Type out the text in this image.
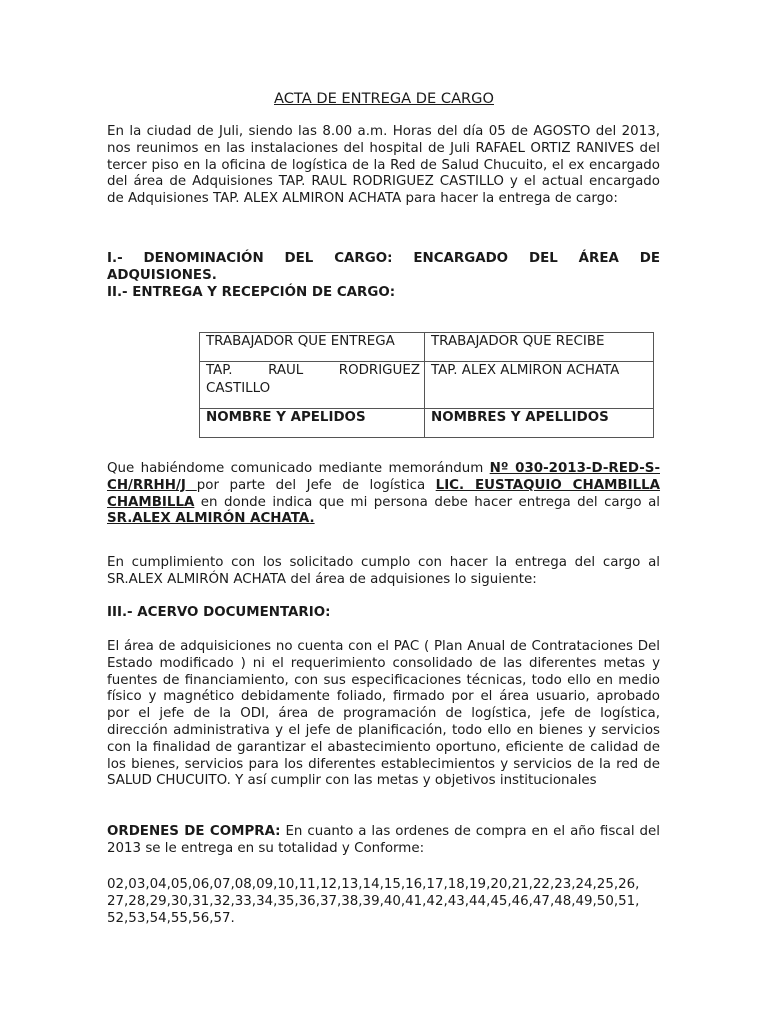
ACTA DE ENTREGA DE CARGO
En la ciudad de Juli, siendo las 8.00 a.m. Horas del día 05 de AGOSTO del 2013, nos reunimos en las instalaciones del hospital de Juli RAFAEL ORTIZ RANIVES del tercer piso en la oficina de logística de la Red de Salud Chucuito, el ex encargado del área de Adquisiones TAP. RAUL RODRIGUEZ CASTILLO y el actual encargado de Adquisiones TAP. ALEX ALMIRON ACHATA para hacer la entrega de cargo:
I.- DENOMINACIÓN DEL CARGO: ENCARGADO DEL ÁREA DE ADQUISIONES.
II.- ENTREGA Y RECEPCIÓN DE CARGO:
TRABAJADOR QUE ENTREGA	TRABAJADOR QUE RECIBE
TAP. RAUL RODRIGUEZ CASTILLO	TAP. ALEX ALMIRON ACHATA
NOMBRE Y APELIDOS	NOMBRES Y APELLIDOS
Que habiéndome comunicado mediante memorándum Nº 030-2013-D-RED-S-CH/RRHH/J por parte del Jefe de logística LIC. EUSTAQUIO CHAMBILLA CHAMBILLA en donde indica que mi persona debe hacer entrega del cargo al SR.ALEX ALMIRÓN ACHATA.
En cumplimiento con los solicitado cumplo con hacer la entrega del cargo al SR.ALEX ALMIRÓN ACHATA del área de adquisiones lo siguiente:
III.- ACERVO DOCUMENTARIO:
El área de adquisiciones no cuenta con el PAC ( Plan Anual de Contrataciones Del Estado modificado ) ni el requerimiento consolidado de las diferentes metas y fuentes de financiamiento, con sus especificaciones técnicas, todo ello en medio físico y magnético debidamente foliado, firmado por el área usuario, aprobado por el jefe de la ODI, área de programación de logística, jefe de logística, dirección administrativa y el jefe de planificación, todo ello en bienes y servicios con la finalidad de garantizar el abastecimiento oportuno, eficiente de calidad de los bienes, servicios para los diferentes establecimientos y servicios de la red de SALUD CHUCUITO. Y así cumplir con las metas y objetivos institucionales
ORDENES DE COMPRA: En cuanto a las ordenes de compra en el año fiscal del 2013 se le entrega en su totalidad y Conforme:
02,03,04,05,06,07,08,09,10,11,12,13,14,15,16,17,18,19,20,21,22,23,24,25,26,
27,28,29,30,31,32,33,34,35,36,37,38,39,40,41,42,43,44,45,46,47,48,49,50,51,
52,53,54,55,56,57.
